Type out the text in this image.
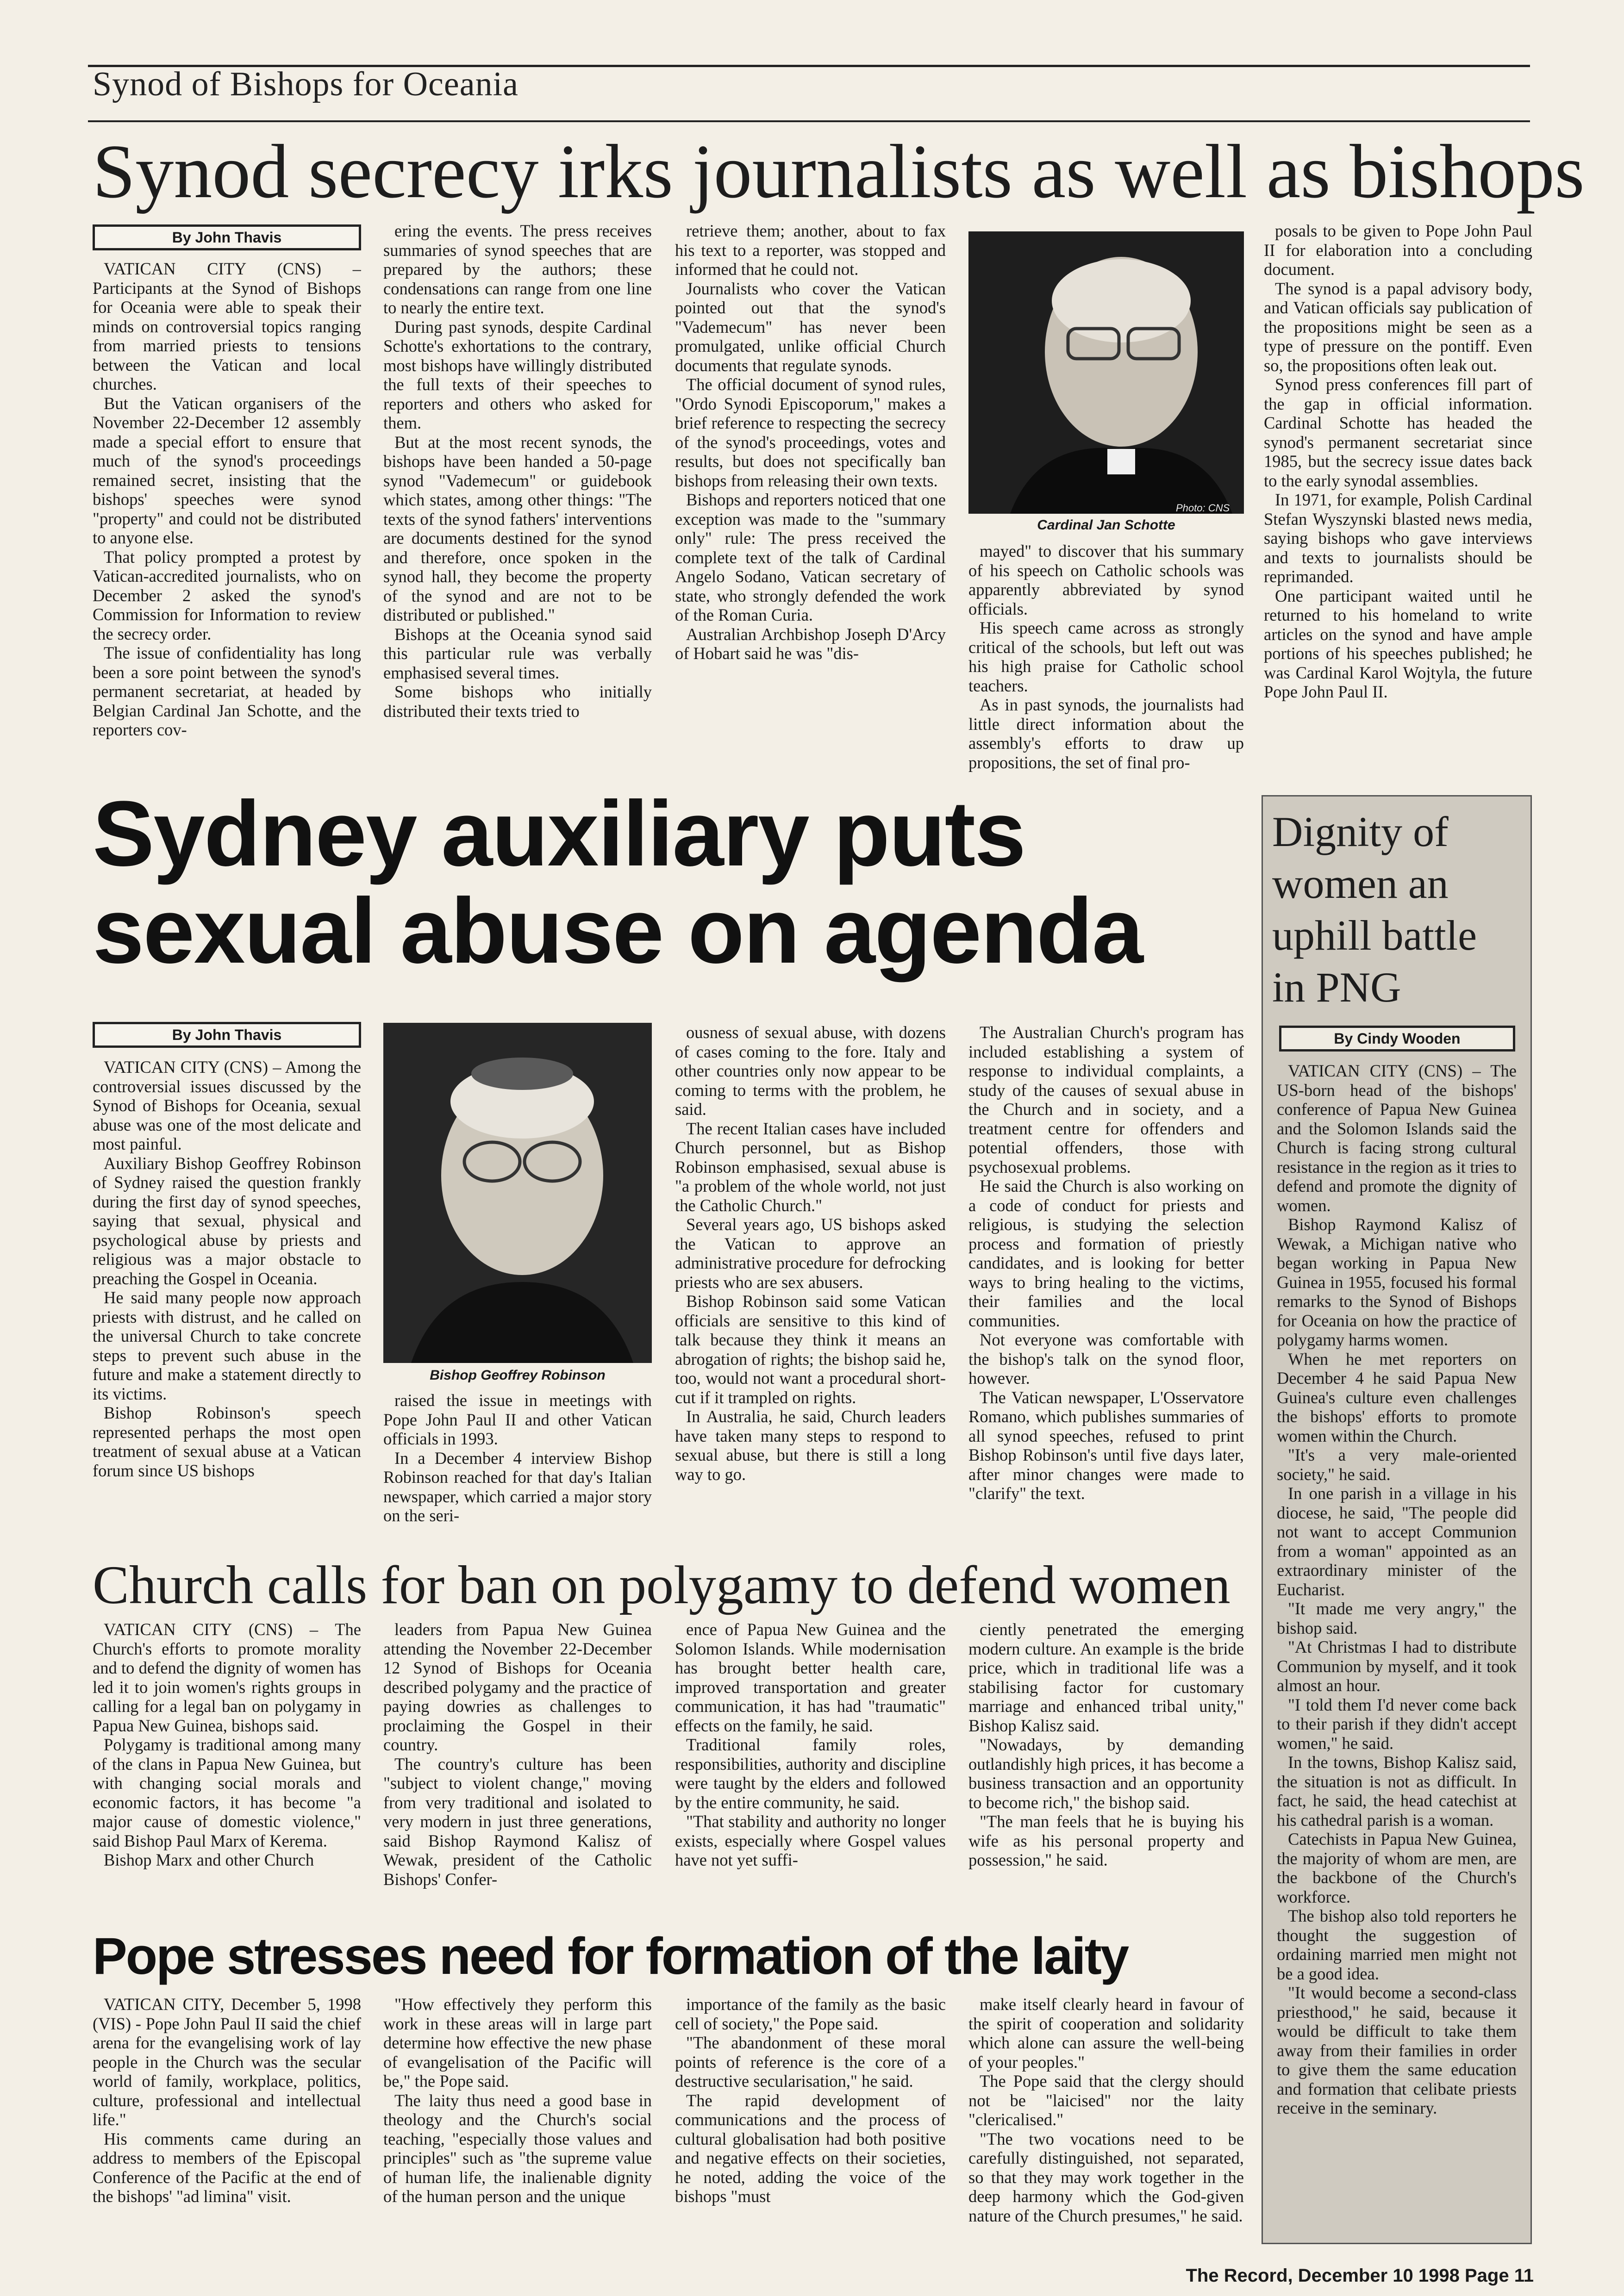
Synod of Bishops for Oceania
Synod secrecy irks journalists as well as bishops
By John Thavis

VATICAN CITY (CNS) – Participants at the Synod of Bishops for Oceania were able to speak their minds on controversial topics ranging from married priests to tensions between the Vatican and local churches.

But the Vatican organisers of the November 22-December 12 assembly made a special effort to ensure that much of the synod's proceedings remained secret, insisting that the bishops' speeches were synod "property" and could not be distributed to anyone else.

That policy prompted a protest by Vatican-accredited journalists, who on December 2 asked the synod's Commission for Information to review the secrecy order.

The issue of confidentiality has long been a sore point between the synod's permanent secretariat, at headed by Belgian Cardinal Jan Schotte, and the reporters cov-

ering the events. The press receives summaries of synod speeches that are prepared by the authors; these condensations can range from one line to nearly the entire text.

During past synods, despite Cardinal Schotte's exhortations to the contrary, most bishops have willingly distributed the full texts of their speeches to reporters and others who asked for them.

But at the most recent synods, the bishops have been handed a 50-page synod "Vademecum" or guidebook which states, among other things: "The texts of the synod fathers' interventions are documents destined for the synod and therefore, once spoken in the synod hall, they become the property of the synod and are not to be distributed or published."

Bishops at the Oceania synod said this particular rule was verbally emphasised several times.

Some bishops who initially distributed their texts tried to

retrieve them; another, about to fax his text to a reporter, was stopped and informed that he could not.

Journalists who cover the Vatican pointed out that the synod's "Vademecum" has never been promulgated, unlike official Church documents that regulate synods.

The official document of synod rules, "Ordo Synodi Episcoporum," makes a brief reference to respecting the secrecy of the synod's proceedings, votes and results, but does not specifically ban bishops from releasing their own texts.

Bishops and reporters noticed that one exception was made to the "summary only" rule: The press received the complete text of the talk of Cardinal Angelo Sodano, Vatican secretary of state, who strongly defended the work of the Roman Curia.

Australian Archbishop Joseph D'Arcy of Hobart said he was "dis-

Photo: CNS
Cardinal Jan Schotte

mayed" to discover that his summary of his speech on Catholic schools was apparently abbreviated by synod officials.

His speech came across as strongly critical of the schools, but left out was his high praise for Catholic school teachers.

As in past synods, the journalists had little direct information about the assembly's efforts to draw up propositions, the set of final pro-

posals to be given to Pope John Paul II for elaboration into a concluding document.

The synod is a papal advisory body, and Vatican officials say publication of the propositions might be seen as a type of pressure on the pontiff. Even so, the propositions often leak out.

Synod press conferences fill part of the gap in official information. Cardinal Schotte has headed the synod's permanent secretariat since 1985, but the secrecy issue dates back to the early synodal assemblies.

In 1971, for example, Polish Cardinal Stefan Wyszynski blasted news media, saying bishops who gave interviews and texts to journalists should be reprimanded.

One participant waited until he returned to his homeland to write articles on the synod and have ample portions of his speeches published; he was Cardinal Karol Wojtyla, the future Pope John Paul II.

Sydney auxiliary puts
sexual abuse on agenda
By John Thavis

VATICAN CITY (CNS) – Among the controversial issues discussed by the Synod of Bishops for Oceania, sexual abuse was one of the most delicate and most painful.

Auxiliary Bishop Geoffrey Robinson of Sydney raised the question frankly during the first day of synod speeches, saying that sexual, physical and psychological abuse by priests and religious was a major obstacle to preaching the Gospel in Oceania.

He said many people now approach priests with distrust, and he called on the universal Church to take concrete steps to prevent such abuse in the future and make a statement directly to its victims.

Bishop Robinson's speech represented perhaps the most open treatment of sexual abuse at a Vatican forum since US bishops

Bishop Geoffrey Robinson

raised the issue in meetings with Pope John Paul II and other Vatican officials in 1993.

In a December 4 interview Bishop Robinson reached for that day's Italian newspaper, which carried a major story on the seri-

ousness of sexual abuse, with dozens of cases coming to the fore. Italy and other countries only now appear to be coming to terms with the problem, he said.

The recent Italian cases have included Church personnel, but as Bishop Robinson emphasised, sexual abuse is "a problem of the whole world, not just the Catholic Church."

Several years ago, US bishops asked the Vatican to approve an administrative procedure for defrocking priests who are sex abusers.

Bishop Robinson said some Vatican officials are sensitive to this kind of talk because they think it means an abrogation of rights; the bishop said he, too, would not want a procedural short-cut if it trampled on rights.

In Australia, he said, Church leaders have taken many steps to respond to sexual abuse, but there is still a long way to go.

The Australian Church's program has included establishing a system of response to individual complaints, a study of the causes of sexual abuse in the Church and in society, and a treatment centre for offenders and potential offenders, those with psychosexual problems.

He said the Church is also working on a code of conduct for priests and religious, is studying the selection process and formation of priestly candidates, and is looking for better ways to bring healing to the victims, their families and the local communities.

Not everyone was comfortable with the bishop's talk on the synod floor, however.

The Vatican newspaper, L'Osservatore Romano, which publishes summaries of all synod speeches, refused to print Bishop Robinson's until five days later, after minor changes were made to "clarify" the text.

Dignity of women an uphill battle in PNG
By Cindy Wooden

VATICAN CITY (CNS) – The US-born head of the bishops' conference of Papua New Guinea and the Solomon Islands said the Church is facing strong cultural resistance in the region as it tries to defend and promote the dignity of women.

Bishop Raymond Kalisz of Wewak, a Michigan native who began working in Papua New Guinea in 1955, focused his formal remarks to the Synod of Bishops for Oceania on how the practice of polygamy harms women.

When he met reporters on December 4 he said Papua New Guinea's culture even challenges the bishops' efforts to promote women within the Church.

"It's a very male-oriented society," he said.

In one parish in a village in his diocese, he said, "The people did not want to accept Communion from a woman" appointed as an extraordinary minister of the Eucharist.

"It made me very angry," the bishop said.

"At Christmas I had to distribute Communion by myself, and it took almost an hour.

"I told them I'd never come back to their parish if they didn't accept women," he said.

In the towns, Bishop Kalisz said, the situation is not as difficult. In fact, he said, the head catechist at his cathedral parish is a woman.

Catechists in Papua New Guinea, the majority of whom are men, are the backbone of the Church's workforce.

The bishop also told reporters he thought the suggestion of ordaining married men might not be a good idea.

"It would become a second-class priesthood," he said, because it would be difficult to take them away from their families in order to give them the same education and formation that celibate priests receive in the seminary.

Church calls for ban on polygamy to defend women

VATICAN CITY (CNS) – The Church's efforts to promote morality and to defend the dignity of women has led it to join women's rights groups in calling for a legal ban on polygamy in Papua New Guinea, bishops said.

Polygamy is traditional among many of the clans in Papua New Guinea, but with changing social morals and economic factors, it has become "a major cause of domestic violence," said Bishop Paul Marx of Kerema.

Bishop Marx and other Church

leaders from Papua New Guinea attending the November 22-December 12 Synod of Bishops for Oceania described polygamy and the practice of paying dowries as challenges to proclaiming the Gospel in their country.

The country's culture has been "subject to violent change," moving from very traditional and isolated to very modern in just three generations, said Bishop Raymond Kalisz of Wewak, president of the Catholic Bishops' Confer-

ence of Papua New Guinea and the Solomon Islands. While modernisation has brought better health care, improved transportation and greater communication, it has had "traumatic" effects on the family, he said.

Traditional family roles, responsibilities, authority and discipline were taught by the elders and followed by the entire community, he said.

"That stability and authority no longer exists, especially where Gospel values have not yet suffi-

ciently penetrated the emerging modern culture. An example is the bride price, which in traditional life was a stabilising factor for customary marriage and enhanced tribal unity," Bishop Kalisz said.

"Nowadays, by demanding outlandishly high prices, it has become a business transaction and an opportunity to become rich," the bishop said.

"The man feels that he is buying his wife as his personal property and possession," he said.

Pope stresses need for formation of the laity

VATICAN CITY, December 5, 1998 (VIS) - Pope John Paul II said the chief arena for the evangelising work of lay people in the Church was the secular world of family, workplace, politics, culture, professional and intellectual life."

His comments came during an address to members of the Episcopal Conference of the Pacific at the end of the bishops' "ad limina" visit.

"How effectively they perform this work in these areas will in large part determine how effective the new phase of evangelisation of the Pacific will be," the Pope said.

The laity thus need a good base in theology and the Church's social teaching, "especially those values and principles" such as "the supreme value of human life, the inalienable dignity of the human person and the unique

importance of the family as the basic cell of society," the Pope said.

"The abandonment of these moral points of reference is the core of a destructive secularisation," he said.

The rapid development of communications and the process of cultural globalisation had both positive and negative effects on their societies, he noted, adding the voice of the bishops "must

make itself clearly heard in favour of the spirit of cooperation and solidarity which alone can assure the well-being of your peoples."

The Pope said that the clergy should not be "laicised" nor the laity "clericalised."

"The two vocations need to be carefully distinguished, not separated, so that they may work together in the deep harmony which the God-given nature of the Church presumes," he said.

The Record, December 10 1998 Page 11
